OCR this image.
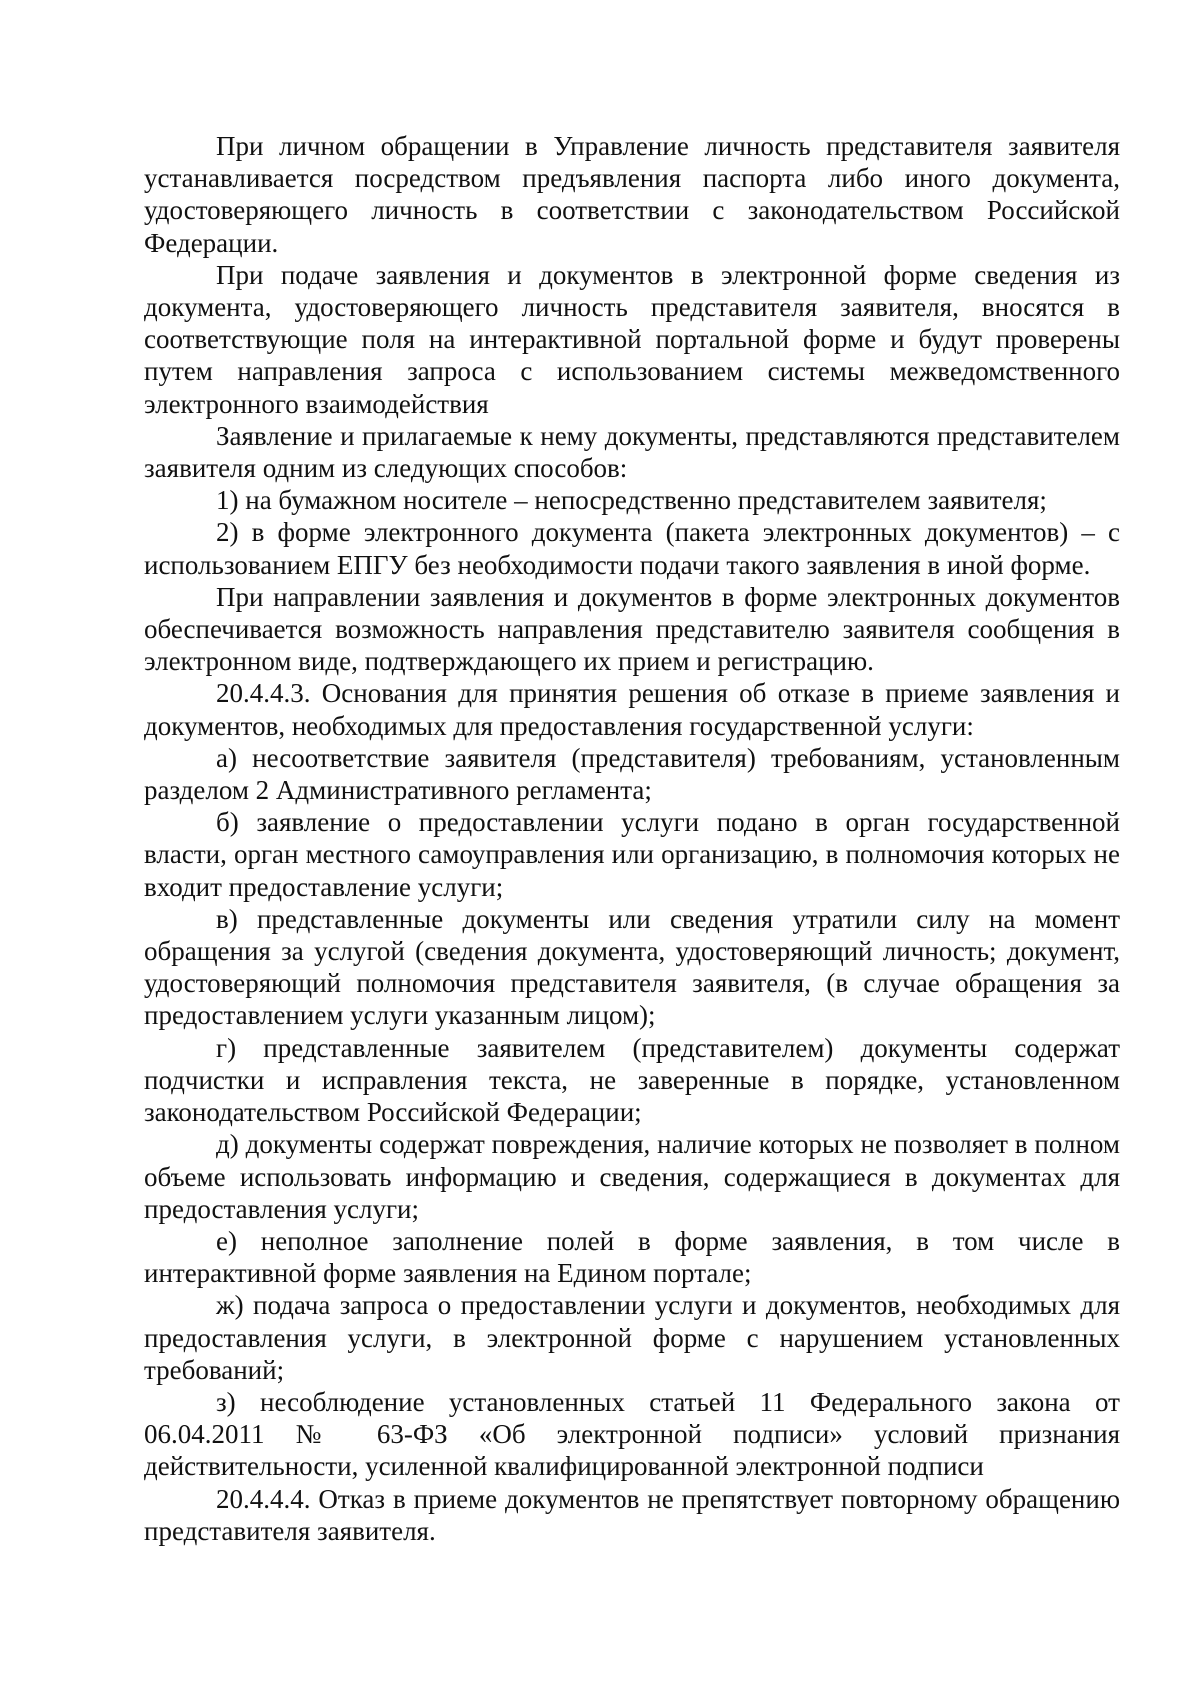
При личном обращении в Управление личность представителя заявителя устанавливается посредством предъявления паспорта либо иного документа, удостоверяющего личность в соответствии с законодательством Российской Федерации.

При подаче заявления и документов в электронной форме сведения из документа, удостоверяющего личность представителя заявителя, вносятся в соответствующие поля на интерактивной портальной форме и будут проверены путем направления запроса с использованием системы межведомственного электронного взаимодействия

Заявление и прилагаемые к нему документы, представляются представителем заявителя одним из следующих способов:

1) на бумажном носителе – непосредственно представителем заявителя;

2) в форме электронного документа (пакета электронных документов) – с использованием ЕПГУ без необходимости подачи такого заявления в иной форме.

При направлении заявления и документов в форме электронных документов обеспечивается возможность направления представителю заявителя сообщения в электронном виде, подтверждающего их прием и регистрацию.

20.4.4.3. Основания для принятия решения об отказе в приеме заявления и документов, необходимых для предоставления государственной услуги:

а) несоответствие заявителя (представителя) требованиям, установленным разделом 2 Административного регламента;

б) заявление о предоставлении услуги подано в орган государственной власти, орган местного самоуправления или организацию, в полномочия которых не входит предоставление услуги;

в) представленные документы или сведения утратили силу на момент обращения за услугой (сведения документа, удостоверяющий личность; документ, удостоверяющий полномочия представителя заявителя, (в случае обращения за предоставлением услуги указанным лицом);

г) представленные заявителем (представителем) документы содержат подчистки и исправления текста, не заверенные в порядке, установленном законодательством Российской Федерации;

д) документы содержат повреждения, наличие которых не позволяет в полном объеме использовать информацию и сведения, содержащиеся в документах для предоставления услуги;

е) неполное заполнение полей в форме заявления, в том числе в интерактивной форме заявления на Едином портале;

ж) подача запроса о предоставлении услуги и документов, необходимых для предоставления услуги, в электронной форме с нарушением установленных требований;

з) несоблюдение установленных статьей 11 Федерального закона от 06.04.2011 № 63-ФЗ «Об электронной подписи» условий признания действительности, усиленной квалифицированной электронной подписи

20.4.4.4. Отказ в приеме документов не препятствует повторному обращению представителя заявителя.
